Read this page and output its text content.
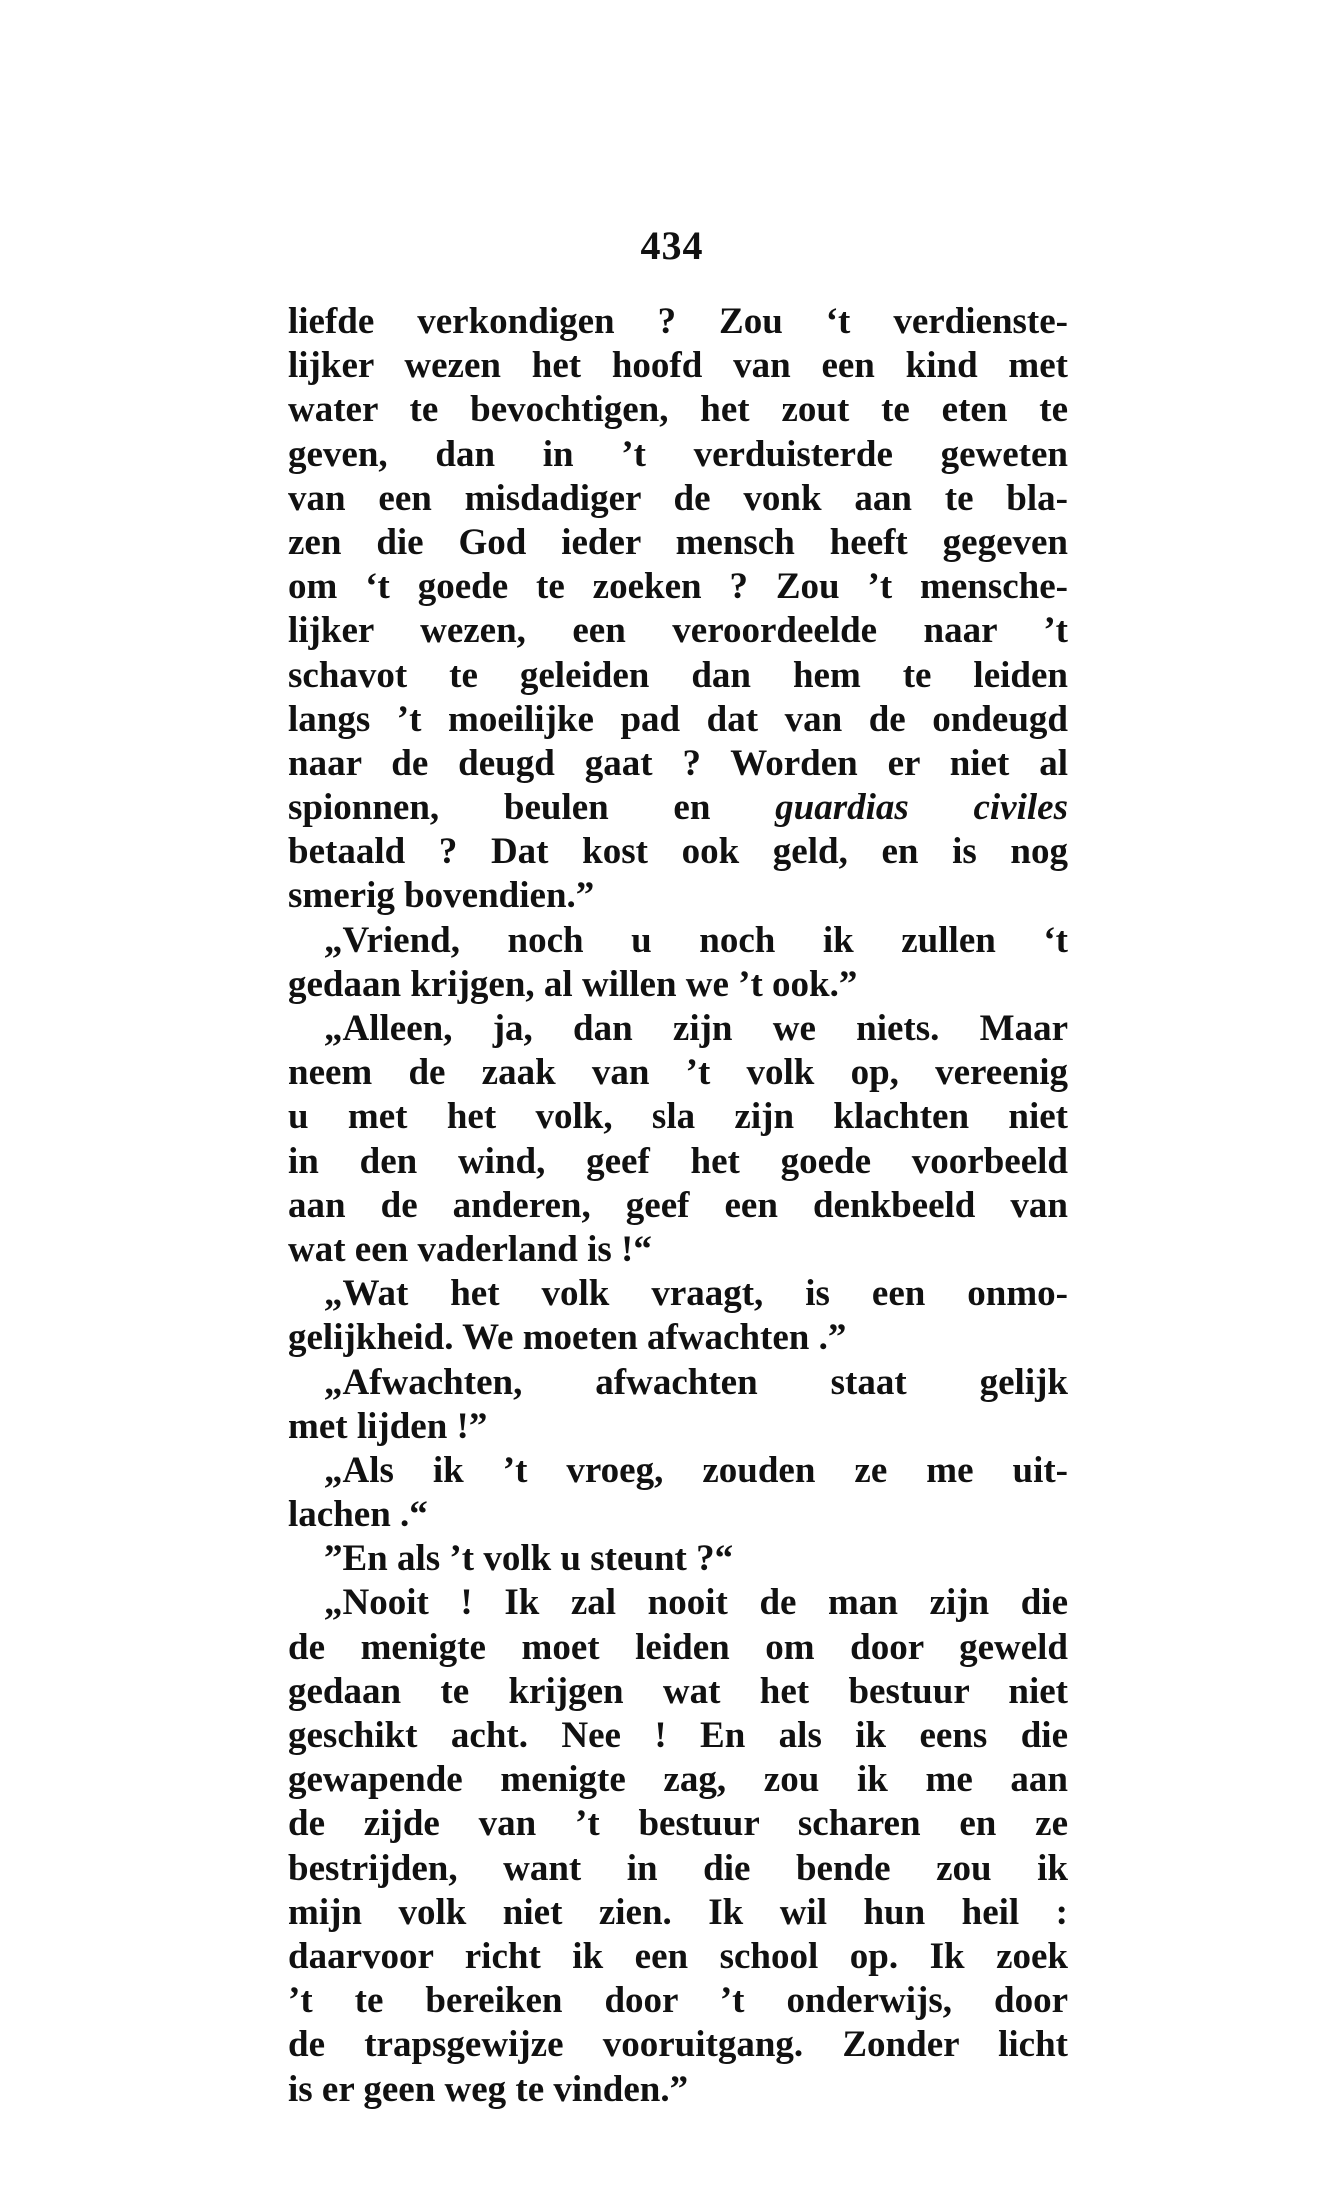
434
liefde verkondigen ? Zou ‘t verdienste-
lijker wezen het hoofd van een kind met
water te bevochtigen, het zout te eten te
geven, dan in ’t verduisterde geweten
van een misdadiger de vonk aan te bla-
zen die God ieder mensch heeft gegeven
om ‘t goede te zoeken ? Zou ’t mensche-
lijker wezen, een veroordeelde naar ’t
schavot te geleiden dan hem te leiden
langs ’t moeilijke pad dat van de ondeugd
naar de deugd gaat ? Worden er niet al
spionnen, beulen en guardias civiles
betaald ? Dat kost ook geld, en is nog
smerig bovendien.”
„Vriend, noch u noch ik zullen ‘t
gedaan krijgen, al willen we ’t ook.”
„Alleen, ja, dan zijn we niets. Maar
neem de zaak van ’t volk op, vereenig
u met het volk, sla zijn klachten niet
in den wind, geef het goede voorbeeld
aan de anderen, geef een denkbeeld van
wat een vaderland is !“
„Wat het volk vraagt, is een onmo-
gelijkheid. We moeten afwachten .”
„Afwachten, afwachten staat gelijk
met lijden !”
„Als ik ’t vroeg, zouden ze me uit-
lachen .“
”En als ’t volk u steunt ?“
„Nooit ! Ik zal nooit de man zijn die
de menigte moet leiden om door geweld
gedaan te krijgen wat het bestuur niet
geschikt acht. Nee ! En als ik eens die
gewapende menigte zag, zou ik me aan
de zijde van ’t bestuur scharen en ze
bestrijden, want in die bende zou ik
mijn volk niet zien. Ik wil hun heil :
daarvoor richt ik een school op. Ik zoek
’t te bereiken door ’t onderwijs, door
de trapsgewijze vooruitgang. Zonder licht
is er geen weg te vinden.”
